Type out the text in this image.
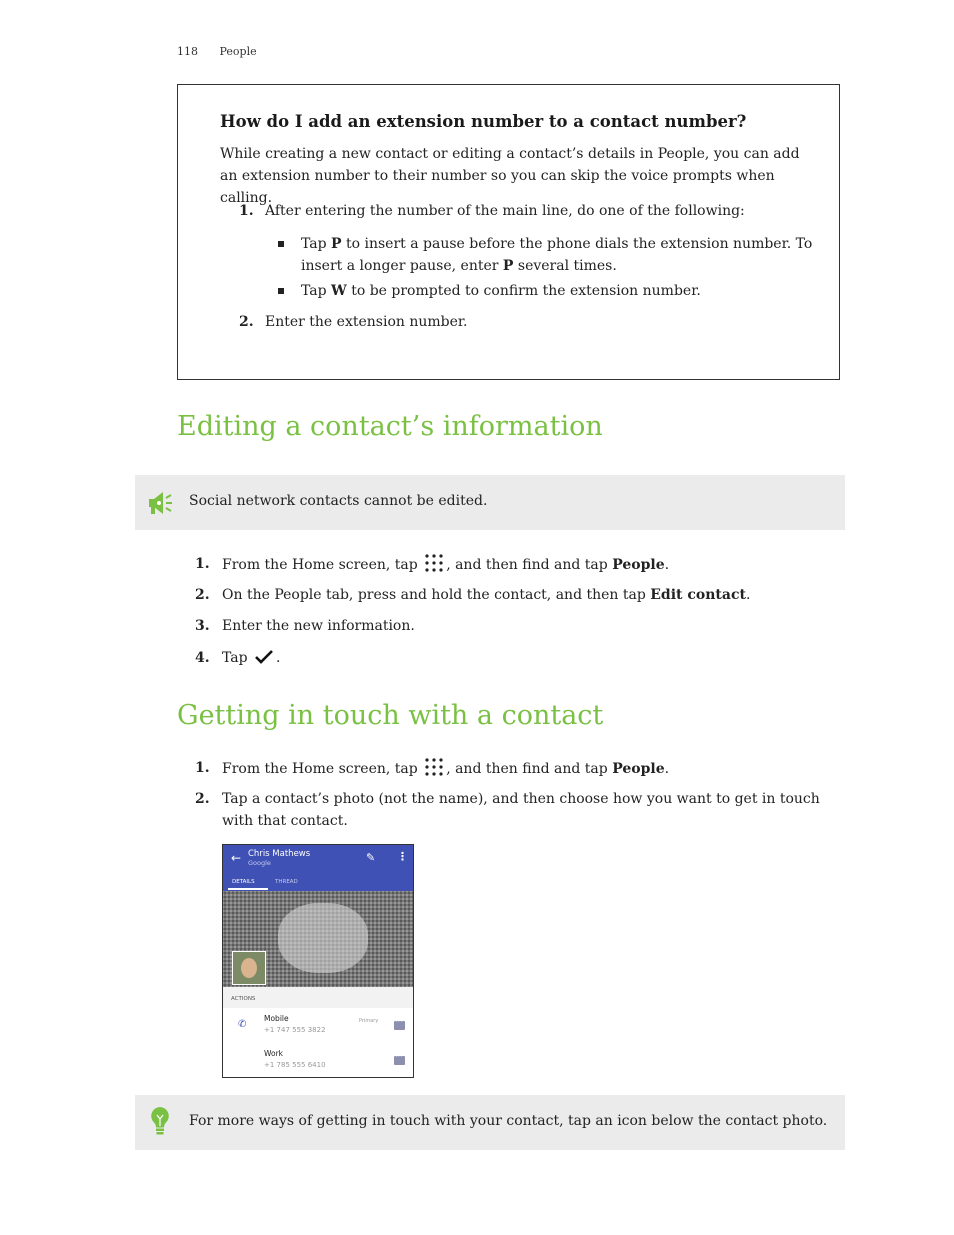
118 People
How do I add an extension number to a contact number?
While creating a new contact or editing a contact’s details in People, you can add an extension number to their number so you can skip the voice prompts when calling.
1. After entering the number of the main line, do one of the following:
Tap P to insert a pause before the phone dials the extension number. To insert a longer pause, enter P several times.
Tap W to be prompted to confirm the extension number.
2. Enter the extension number.
Editing a contact’s information
Social network contacts cannot be edited.
1. From the Home screen, tap , and then find and tap People.
2. On the People tab, press and hold the contact, and then tap Edit contact.
3. Enter the new information.
4. Tap .
Getting in touch with a contact
1. From the Home screen, tap , and then find and tap People.
2. Tap a contact’s photo (not the name), and then choose how you want to get in touch with that contact.
← Chris Mathews
Google	✎ ⋮
DETAILS	THREAD
ACTIONS
✆
Mobile
+1 747 555 3822
Primary
···
Work
+1 785 555 6410
···
For more ways of getting in touch with your contact, tap an icon below the contact photo.
